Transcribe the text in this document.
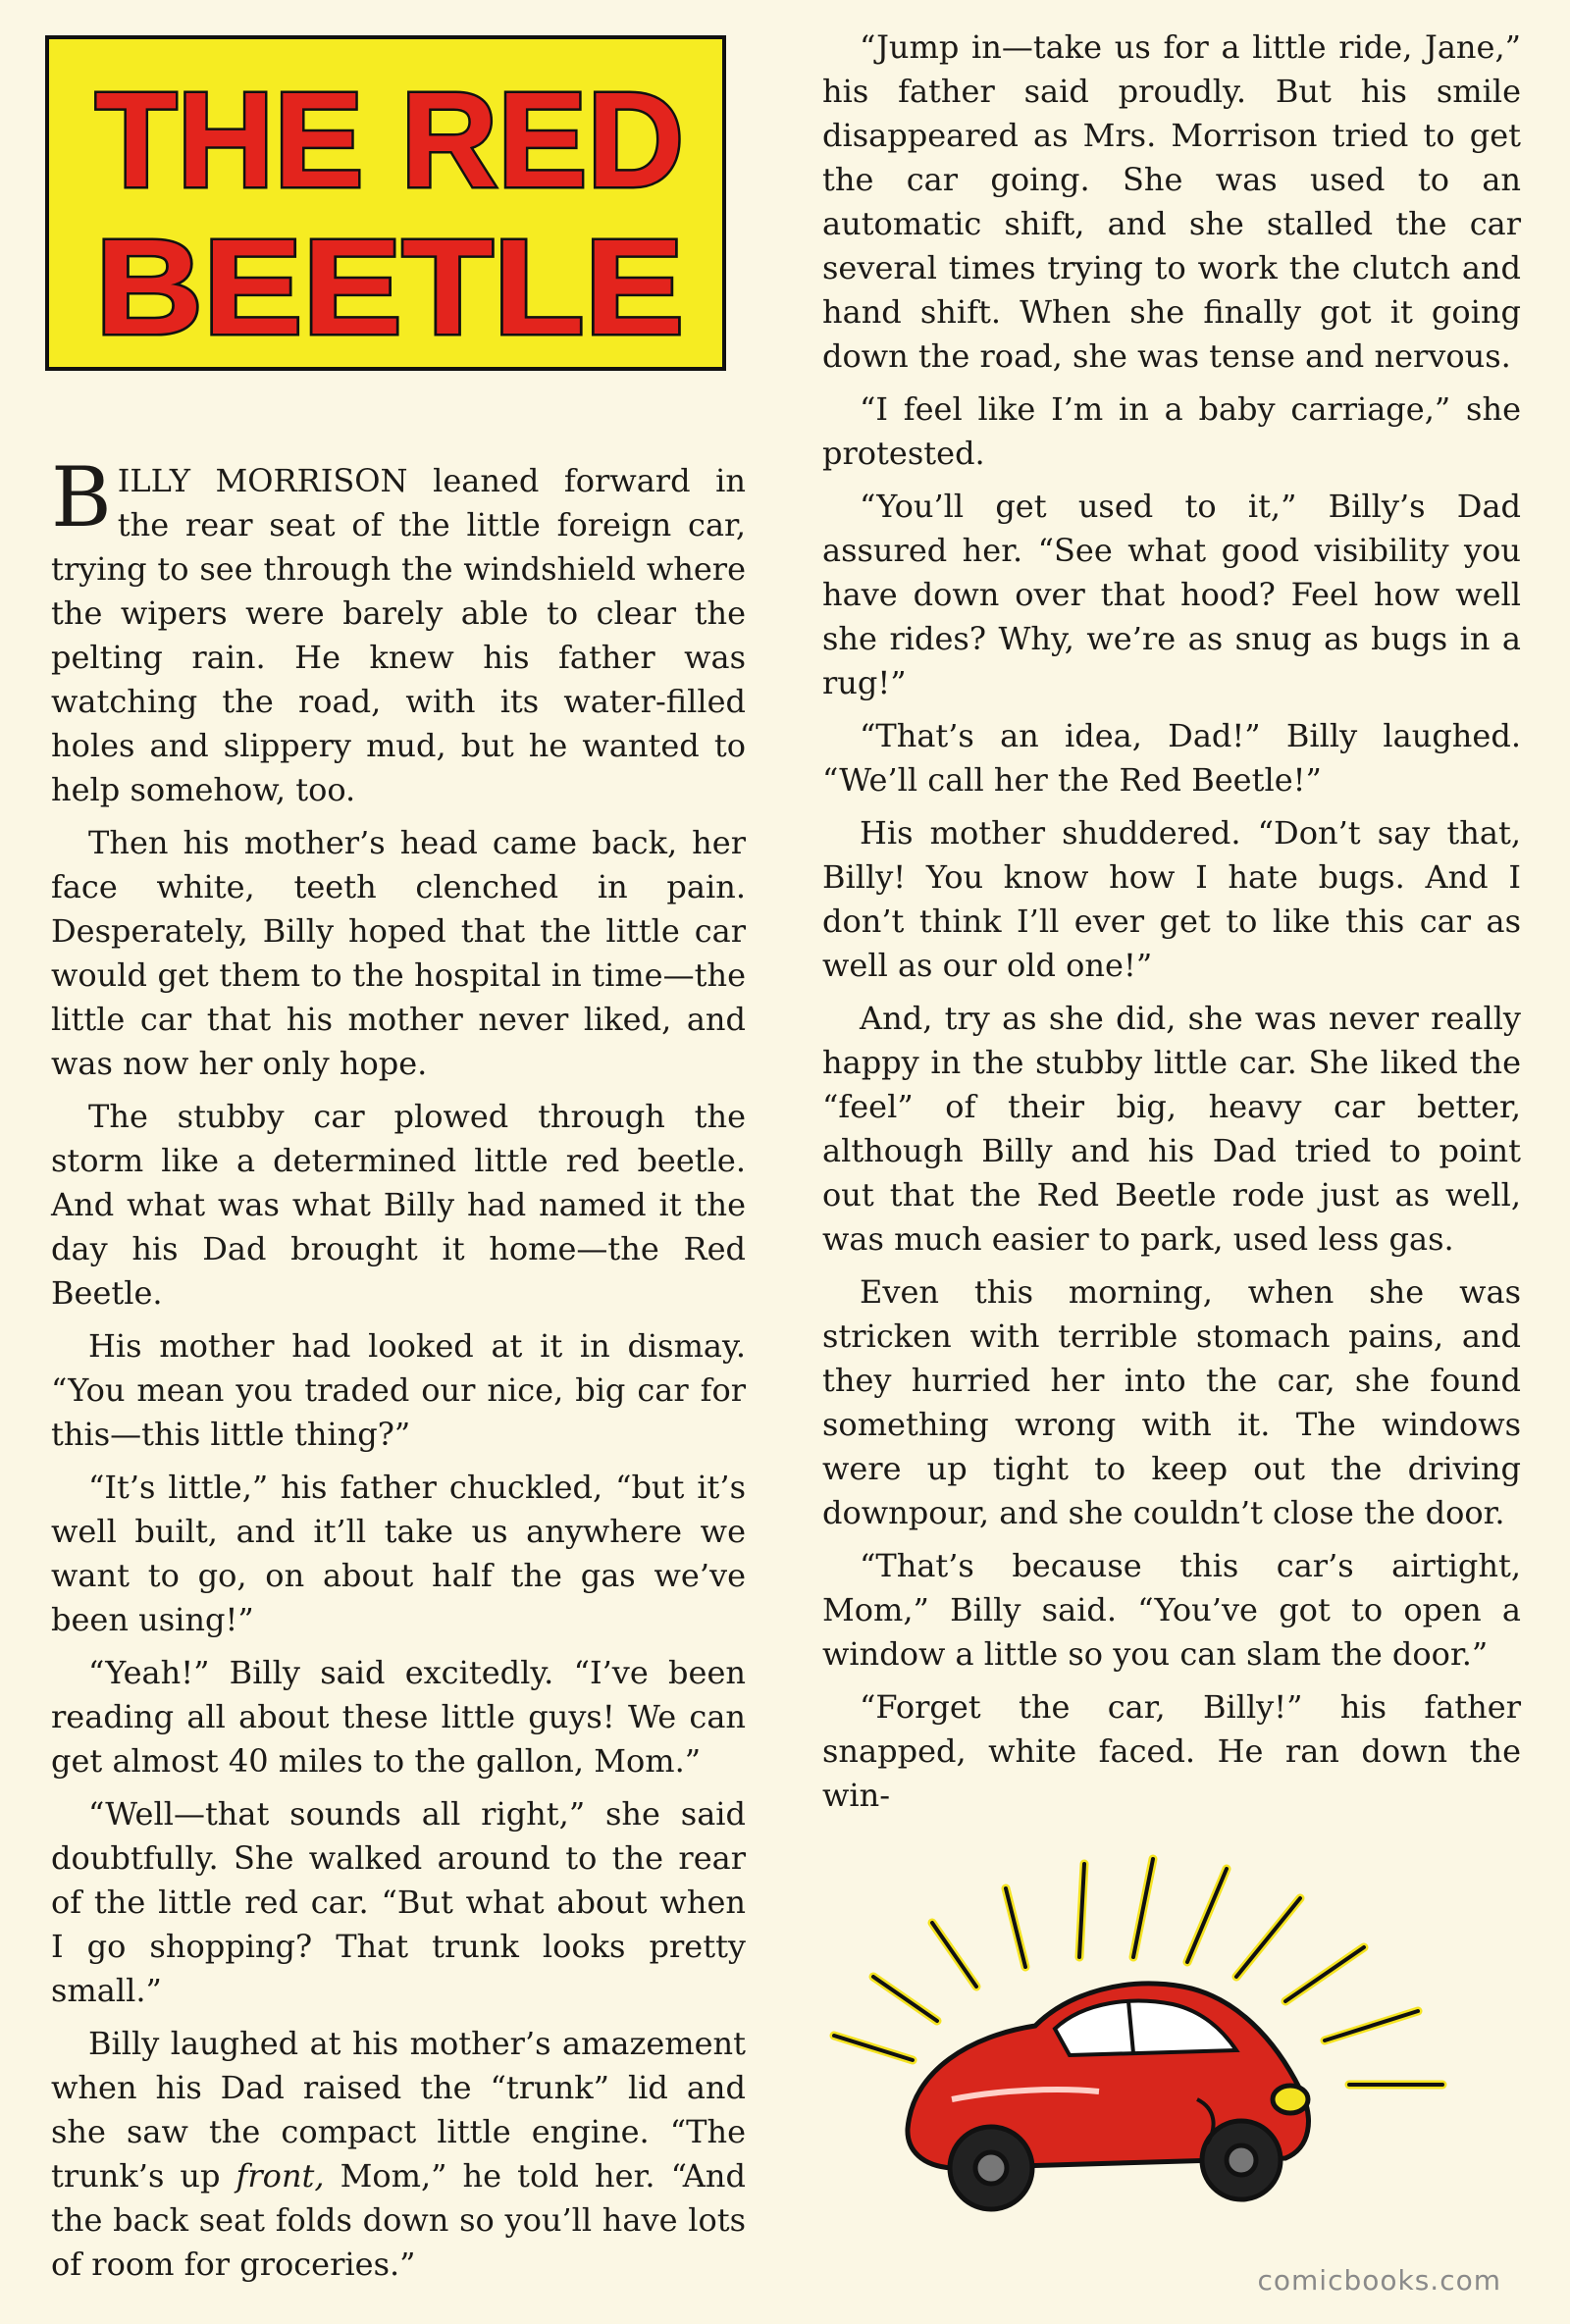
THE RED
BEETLE

BILLY MORRISON leaned forward in the rear seat of the little foreign car, trying to see through the windshield where the wipers were barely able to clear the pelting rain. He knew his father was watching the road, with its water-filled holes and slippery mud, but he wanted to help somehow, too.

Then his mother’s head came back, her face white, teeth clenched in pain. Desperately, Billy hoped that the little car would get them to the hospital in time—the little car that his mother never liked, and was now her only hope.

The stubby car plowed through the storm like a determined little red beetle. And what was what Billy had named it the day his Dad brought it home—the Red Beetle.

His mother had looked at it in dismay. “You mean you traded our nice, big car for this—this little thing?”

“It’s little,” his father chuckled, “but it’s well built, and it’ll take us anywhere we want to go, on about half the gas we’ve been using!”

“Yeah!” Billy said excitedly. “I’ve been reading all about these little guys! We can get almost 40 miles to the gallon, Mom.”

“Well—that sounds all right,” she said doubtfully. She walked around to the rear of the little red car. “But what about when I go shopping? That trunk looks pretty small.”

Billy laughed at his mother’s amazement when his Dad raised the “trunk” lid and she saw the compact little engine. “The trunk’s up front, Mom,” he told her. “And the back seat folds down so you’ll have lots of room for groceries.”

“Jump in—take us for a little ride, Jane,” his father said proudly. But his smile disappeared as Mrs. Morrison tried to get the car going. She was used to an automatic shift, and she stalled the car several times trying to work the clutch and hand shift. When she finally got it going down the road, she was tense and nervous.

“I feel like I’m in a baby carriage,” she protested.

“You’ll get used to it,” Billy’s Dad assured her. “See what good visibility you have down over that hood? Feel how well she rides? Why, we’re as snug as bugs in a rug!”

“That’s an idea, Dad!” Billy laughed. “We’ll call her the Red Beetle!”

His mother shuddered. “Don’t say that, Billy! You know how I hate bugs. And I don’t think I’ll ever get to like this car as well as our old one!”

And, try as she did, she was never really happy in the stubby little car. She liked the “feel” of their big, heavy car better, although Billy and his Dad tried to point out that the Red Beetle rode just as well, was much easier to park, used less gas.

Even this morning, when she was stricken with terrible stomach pains, and they hurried her into the car, she found something wrong with it. The windows were up tight to keep out the driving downpour, and she couldn’t close the door.

“That’s because this car’s airtight, Mom,” Billy said. “You’ve got to open a window a little so you can slam the door.”

“Forget the car, Billy!” his father snapped, white faced. He ran down the win-

comicbooks.com
